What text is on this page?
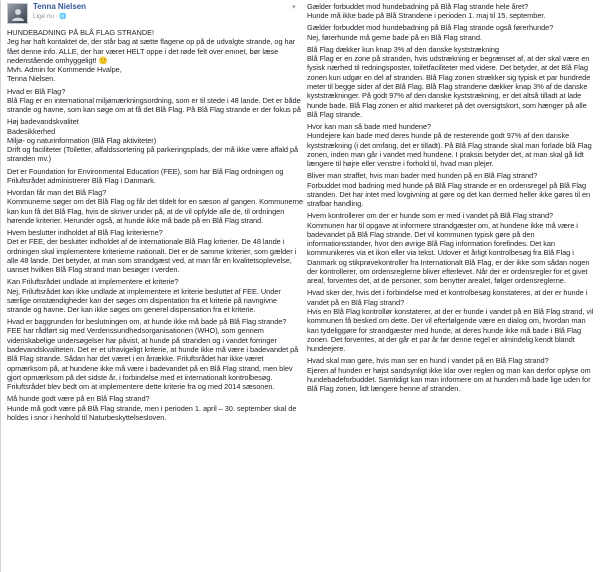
Tenna Nielsen
Lige nu · 🌐
▾

HUNDEBADNING PÅ BLÅ FLAG STRANDE!
Jeg har haft kontaktet de, der står bag at sætte flagene op på de udvalgte strande, og har fået denne info. ALLE, der har været HELT oppe i det røde felt over emnet, bør læse nedenstående omhyggeligt! 🙂
Mvh. Admin for Kommende Hvalpe,
Tenna Nielsen.

Hvad er Blå Flag?
Blå Flag er en international miljømærkningsordning, som er til stede i 48 lande. Det er både strande og havne, som kan søge om at få det Blå Flag. På Blå Flag strande er der fokus på

Høj badevandskvalitet
Badesikkerhed
Miljø- og naturinformation (Blå Flag aktiviteter)
Drift og faciliteter (Toiletter, affaldssortering på parkeringsplads, der må ikke være affald på stranden mv.)

Det er Foundation for Environmental Education (FEE), som har Blå Flag ordningen og Friluftsrådet administrerer Blå Flag i Danmark.

Hvordan får man det Blå Flag?
Kommunerne søger om det Blå Flag og får det tildelt for en sæson af gangen. Kommunerne kan kun få det Blå Flag, hvis de skriver under på, at de vil opfylde alle de, til ordningen hørende kriterier. Herunder også, at hunde ikke må bade på en Blå Flag strand.

Hvem beslutter indholdet af Blå Flag kriterierne?
Det er FEE, der beslutter indholdet af de internationale Blå Flag kriterier. De 48 lande i ordningen skal implementere kriterierne nationalt. Det er de samme kriterier, som gælder i alle 48 lande. Det betyder, at man som strandgæst ved, at man får en kvalitetsoplevelse, uanset hvilken Blå Flag strand man besøger i verden.

Kan Friluftsrådet undlade at implementere et kriterie?
Nej, Friluftsrådet kan ikke undlade at implementere et kriterie besluttet af FEE. Under særlige omstændigheder kan der søges om dispentation fra et kriterie på navngivne strande og havne. Der kan ikke søges om generel dispensation fra et kriterie.

Hvad er baggrunden for beslutningen om, at hunde ikke må bade på Blå Flag strande?
FEE har rådført sig med Verdenssundhedsorganisationen (WHO), som gennem videnskabelige undersøgelser har påvist, at hunde på stranden og i vandet forringer badevandskvaliteten. Det er et ufravigeligt kriterie, at hunde ikke må være i badevandet på Blå Flag strande. Sådan har det været i en årrække. Friluftsrådet har ikke været opmærksom på, at hundene ikke må være i badevandet på en Blå Flag strand, men blev gjort opmærksom på det sidste år, i forbindelse med et internationalt kontrolbesøg. Friluftsrådet blev bedt om at implementere dette kriterie fra og med 2014 sæsonen.

Må hunde godt være på en Blå Flag strand?
Hunde må godt være på Blå Flag strande, men i perioden 1. april – 30. september skal de holdes i snor i henhold til Naturbeskyttelsesloven.

Gælder forbuddet mod hundebadning på Blå Flag strande hele året?
Hunde må ikke bade på Blå Strandene i perioden 1. maj til 15. september.

Gælder forbuddet mod hundebadning på Blå Flag strande også førerhunde?
Nej, førerhunde må gerne bade på en Blå Flag strand.

Blå Flag dækker kun knap 3% af den danske kyststrækning
Blå Flag er en zone på stranden, hvis udstrækning er begrænset af, at der skal være en fysisk nærhed til redningsposter, toiletfaciliteter med videre. Det betyder, at det Blå Flag zonen kun udgør en del af stranden. Blå Flag zonen strækker sig typisk et par hundrede meter til begge sider af det Blå Flag. Blå Flag strandene dækker knap 3% af de danske kyststrækninger. På godt 97% af den danske kyststrækning, er det altså tilladt at lade hunde bade. Blå Flag zonen er altid markeret på det oversigtskort, som hænger på alle Blå Flag strande.

Hvor kan man så bade med hundene?
Hundejere kan bade med deres hunde på de resterende godt 97% af den danske kyststrækning (i det omfang, det er tilladt). På Blå Flag strande skal man forlade blå Flag zonen, inden man går i vandet med hundene. I praksis betyder det, at man skal gå lidt længere til højre eller venstre i forhold til, hvad man plejer.

Bliver man straffet, hvis man bader med hunden på en Blå Flag strand?
Forbuddet mod badning med hunde på Blå Flag strande er en ordensregel på Blå Flag stranden. Det har intet med lovgivning at gøre og det kan dermed heller ikke gøres til en strafbar handling.

Hvem kontrollerer om der er hunde som er med i vandet på Blå Flag strand?
Kommunen har til opgave at informere strandgæster om, at hundene ikke må være i badevandet på Blå Flag strande. Det vil kommunen typisk gøre på den informationsstander, hvor den øvrige Blå Flag information forefindes. Det kan kommunikeres via et ikon eller via tekst. Udover et årligt kontrolbesøg fra Blå Flag i Danmark og stikprøvekontroller fra Internationalt Blå Flag, er der ikke som sådan nogen der kontrollerer, om ordensreglerne bliver efterlevet. Når der er ordensregler for et givet areal, forventes det, at de personer, som benytter arealet, følger ordensreglerne.

Hvad sker der, hvis det i forbindelse med et kontrolbesøg konstateres, at der er hunde i vandet på en Blå Flag strand?
Hvis en Blå Flag kontrollør konstaterer, at der er hunde i vandet på en Blå Flag strand, vil kommunen få besked om dette. Der vil efterfølgende være en dialog om, hvordan man kan tydeliggøre for strandgæster med hunde, at deres hunde ikke må bade i Blå Flag zonen. Det forventes, at der går et par år før denne regel er almindelig kendt blandt hundeejere.

Hvad skal man gøre, hvis man ser en hund i vandet på en Blå Flag strand?
Ejeren af hunden er højst sandsynligt ikke klar over reglen og man kan derfor oplyse om hundebadeforbuddet. Samtidigt kan man informere om at hunden må bade lige uden for Blå Flag zonen, lidt længere henne af stranden.
